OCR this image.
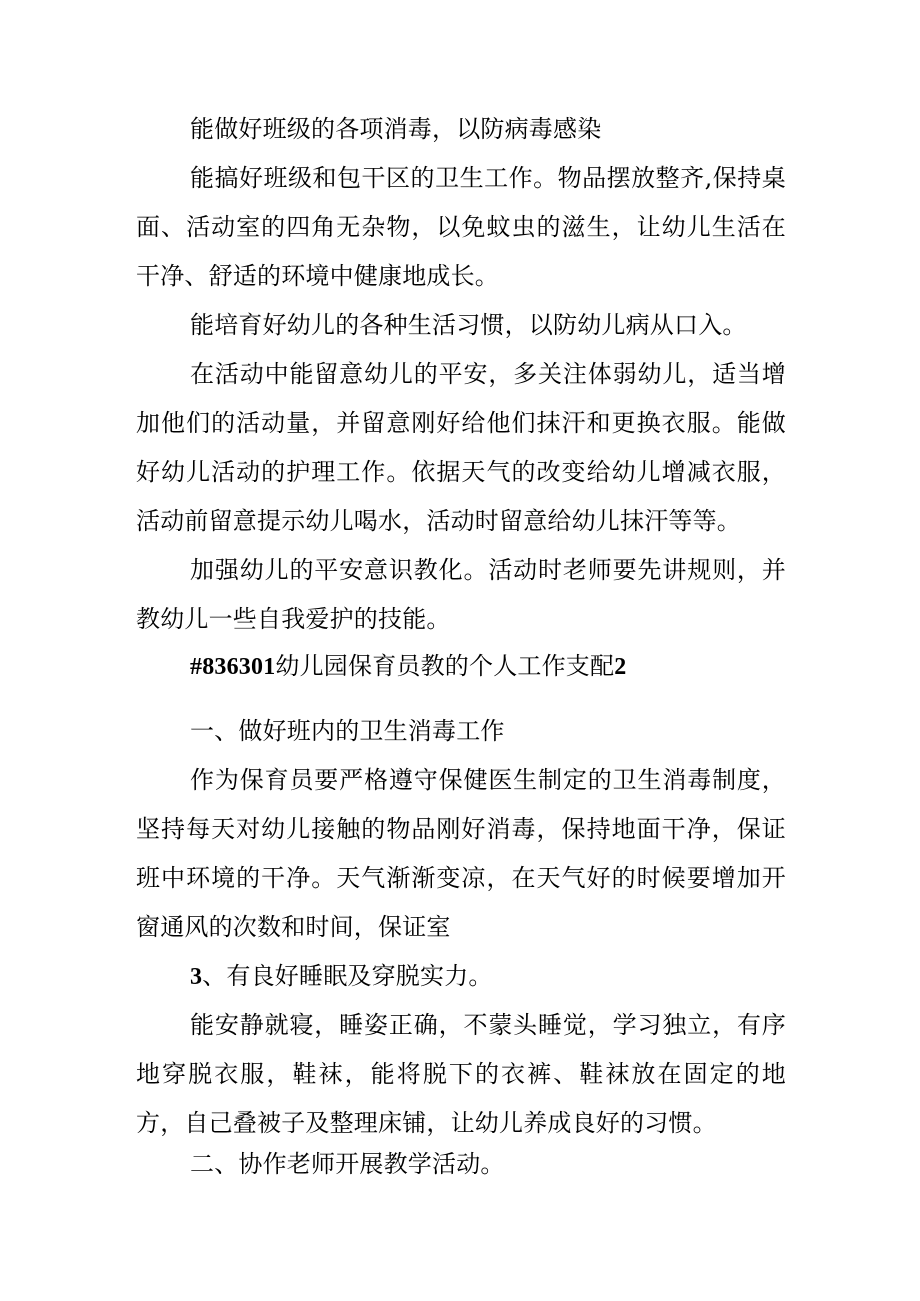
能做好班级的各项消毒，以防病毒感染

能搞好班级和包干区的卫生工作。物品摆放整齐,保持桌面、活动室的四角无杂物，以免蚊虫的滋生，让幼儿生活在干净、舒适的环境中健康地成长。

能培育好幼儿的各种生活习惯，以防幼儿病从口入。

在活动中能留意幼儿的平安，多关注体弱幼儿，适当增加他们的活动量，并留意刚好给他们抹汗和更换衣服。能做好幼儿活动的护理工作。依据天气的改变给幼儿增减衣服，活动前留意提示幼儿喝水，活动时留意给幼儿抹汗等等。

加强幼儿的平安意识教化。活动时老师要先讲规则，并教幼儿一些自我爱护的技能。

#836301幼儿园保育员教的个人工作支配2

一、做好班内的卫生消毒工作

作为保育员要严格遵守保健医生制定的卫生消毒制度，坚持每天对幼儿接触的物品刚好消毒，保持地面干净，保证班中环境的干净。天气渐渐变凉，在天气好的时候要增加开窗通风的次数和时间，保证室

3、有良好睡眠及穿脱实力。

能安静就寝，睡姿正确，不蒙头睡觉，学习独立，有序地穿脱衣服，鞋袜，能将脱下的衣裤、鞋袜放在固定的地方，自己叠被子及整理床铺，让幼儿养成良好的习惯。

二、协作老师开展教学活动。
